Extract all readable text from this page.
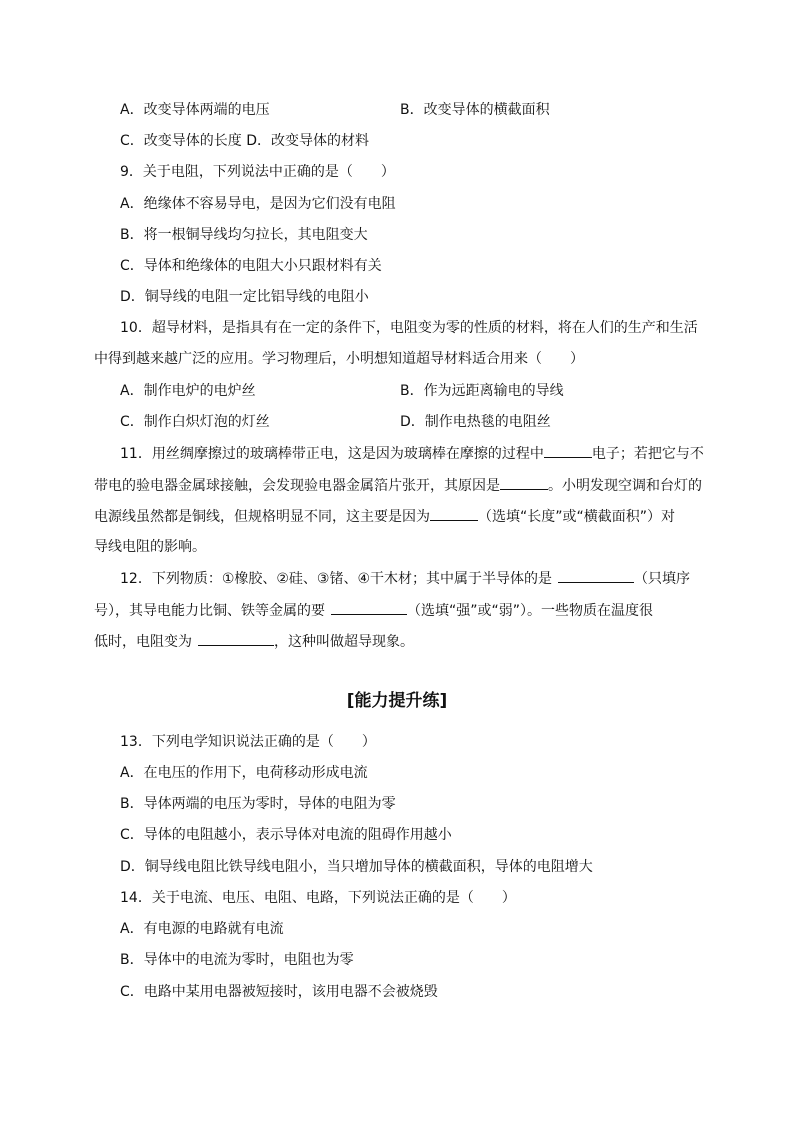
A．改变导体两端的电压	B．改变导体的横截面积
C．改变导体的长度 D．改变导体的材料
9．关于电阻，下列说法中正确的是（　　）
A．绝缘体不容易导电，是因为它们没有电阻
B．将一根铜导线均匀拉长，其电阻变大
C．导体和绝缘体的电阻大小只跟材料有关
D．铜导线的电阻一定比铝导线的电阻小
10．超导材料，是指具有在一定的条件下，电阻变为零的性质的材料，将在人们的生产和生活
中得到越来越广泛的应用。学习物理后，小明想知道超导材料适合用来（　　）
A．制作电炉的电炉丝	B．作为远距离输电的导线
C．制作白炽灯泡的灯丝	D．制作电热毯的电阻丝
11．用丝绸摩擦过的玻璃棒带正电，这是因为玻璃棒在摩擦的过程中	电子；若把它与不
带电的验电器金属球接触，会发现验电器金属箔片张开，其原因是	。小明发现空调和台灯的
电源线虽然都是铜线，但规格明显不同，这主要是因为	（选填“长度”或“横截面积”）对
导线电阻的影响。
12．下列物质：①橡胶、②硅、③锗、④干木材；其中属于半导体的是	（只填序
号），其导电能力比铜、铁等金属的要	（选填“强”或“弱”）。一些物质在温度很
低时，电阻变为	，这种叫做超导现象。
[能力提升练]
13．下列电学知识说法正确的是（　　）
A．在电压的作用下，电荷移动形成电流
B．导体两端的电压为零时，导体的电阻为零
C．导体的电阻越小，表示导体对电流的阻碍作用越小
D．铜导线电阻比铁导线电阻小，当只增加导体的横截面积，导体的电阻增大
14．关于电流、电压、电阻、电路，下列说法正确的是（　　）
A．有电源的电路就有电流
B．导体中的电流为零时，电阻也为零
C．电路中某用电器被短接时，该用电器不会被烧毁
